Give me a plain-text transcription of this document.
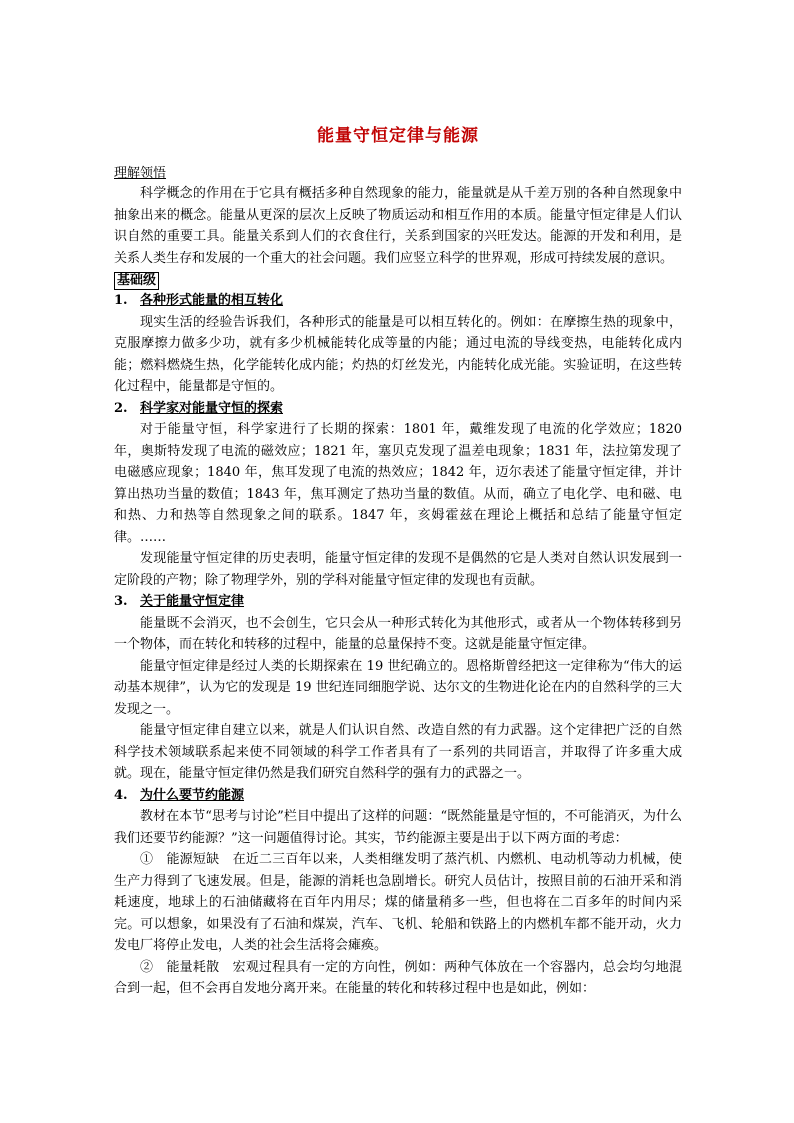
能量守恒定律与能源
理解领悟

科学概念的作用在于它具有概括多种自然现象的能力，能量就是从千差万别的各种自然现象中抽象出来的概念。能量从更深的层次上反映了物质运动和相互作用的本质。能量守恒定律是人们认识自然的重要工具。能量关系到人们的衣食住行，关系到国家的兴旺发达。能源的开发和利用，是关系人类生存和发展的一个重大的社会问题。我们应竖立科学的世界观，形成可持续发展的意识。

基础级
1. 各种形式能量的相互转化

现实生活的经验告诉我们，各种形式的能量是可以相互转化的。例如：在摩擦生热的现象中，克服摩擦力做多少功，就有多少机械能转化成等量的内能；通过电流的导线变热，电能转化成内能；燃料燃烧生热，化学能转化成内能；灼热的灯丝发光，内能转化成光能。实验证明，在这些转化过程中，能量都是守恒的。

2. 科学家对能量守恒的探索

对于能量守恒，科学家进行了长期的探索：1801 年，戴维发现了电流的化学效应；1820 年，奥斯特发现了电流的磁效应；1821 年，塞贝克发现了温差电现象；1831 年，法拉第发现了电磁感应现象；1840 年，焦耳发现了电流的热效应；1842 年，迈尔表述了能量守恒定律，并计算出热功当量的数值；1843 年，焦耳测定了热功当量的数值。从而，确立了电化学、电和磁、电和热、力和热等自然现象之间的联系。1847 年，亥姆霍兹在理论上概括和总结了能量守恒定律。……

发现能量守恒定律的历史表明，能量守恒定律的发现不是偶然的它是人类对自然认识发展到一定阶段的产物；除了物理学外，别的学科对能量守恒定律的发现也有贡献。

3. 关于能量守恒定律

能量既不会消灭，也不会创生，它只会从一种形式转化为其他形式，或者从一个物体转移到另一个物体，而在转化和转移的过程中，能量的总量保持不变。这就是能量守恒定律。

能量守恒定律是经过人类的长期探索在 19 世纪确立的。恩格斯曾经把这一定律称为“伟大的运动基本规律”，认为它的发现是 19 世纪连同细胞学说、达尔文的生物进化论在内的自然科学的三大发现之一。

能量守恒定律自建立以来，就是人们认识自然、改造自然的有力武器。这个定律把广泛的自然科学技术领域联系起来使不同领域的科学工作者具有了一系列的共同语言，并取得了许多重大成就。现在，能量守恒定律仍然是我们研究自然科学的强有力的武器之一。

4. 为什么要节约能源

教材在本节“思考与讨论”栏目中提出了这样的问题：“既然能量是守恒的，不可能消灭，为什么我们还要节约能源？”这一问题值得讨论。其实，节约能源主要是出于以下两方面的考虑：

①　能源短缺　在近二三百年以来，人类相继发明了蒸汽机、内燃机、电动机等动力机械，使生产力得到了飞速发展。但是，能源的消耗也急剧增长。研究人员估计，按照目前的石油开采和消耗速度，地球上的石油储藏将在百年内用尽；煤的储量稍多一些，但也将在二百多年的时间内采完。可以想象，如果没有了石油和煤炭，汽车、飞机、轮船和铁路上的内燃机车都不能开动，火力发电厂将停止发电，人类的社会生活将会瘫痪。

②　能量耗散　宏观过程具有一定的方向性，例如：两种气体放在一个容器内，总会均匀地混合到一起，但不会再自发地分离开来。在能量的转化和转移过程中也是如此，例如：
